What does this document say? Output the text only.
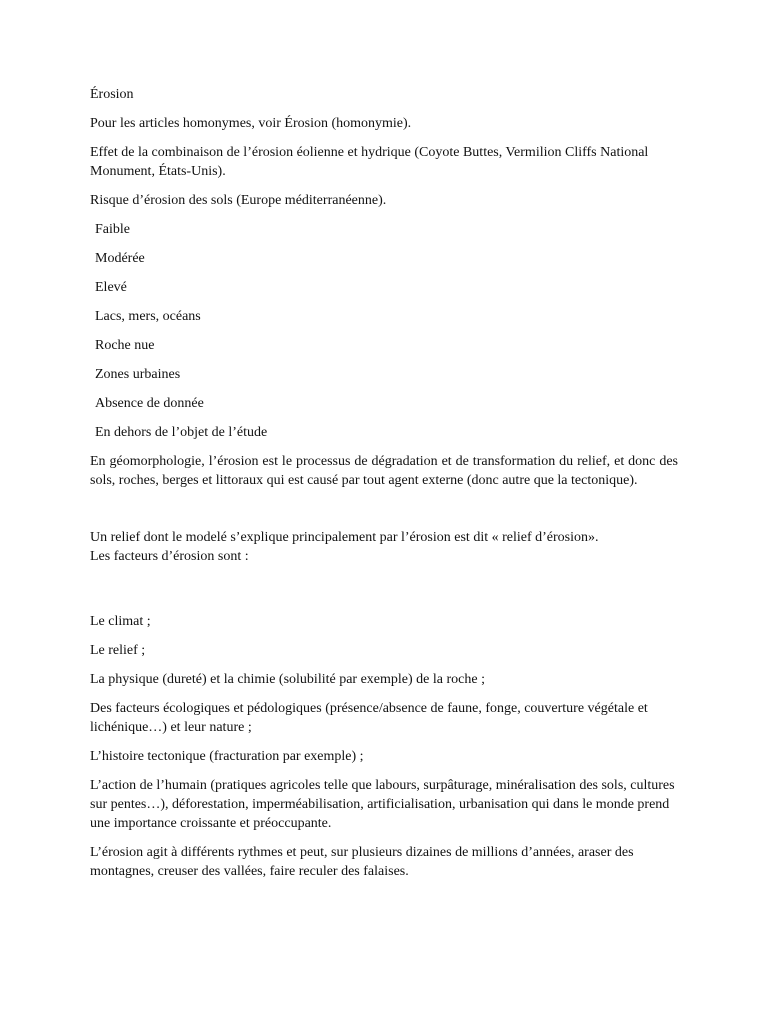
Érosion

Pour les articles homonymes, voir Érosion (homonymie).

Effet de la combinaison de l’érosion éolienne et hydrique (Coyote Buttes, Vermilion Cliffs National Monument, États-Unis).

Risque d’érosion des sols (Europe méditerranéenne).

Faible

Modérée

Elevé

Lacs, mers, océans

Roche nue

Zones urbaines

Absence de donnée

En dehors de l’objet de l’étude

En géomorphologie, l’érosion est le processus de dégradation et de transformation du relief, et donc des sols, roches, berges et littoraux qui est causé par tout agent externe (donc autre que la tectonique).

Un relief dont le modelé s’explique principalement par l’érosion est dit « relief d’érosion».
Les facteurs d’érosion sont :

Le climat ;

Le relief ;

La physique (dureté) et la chimie (solubilité par exemple) de la roche ;

Des facteurs écologiques et pédologiques (présence/absence de faune, fonge, couverture végétale et lichénique…) et leur nature ;

L’histoire tectonique (fracturation par exemple) ;

L’action de l’humain (pratiques agricoles telle que labours, surpâturage, minéralisation des sols, cultures sur pentes…), déforestation, imperméabilisation, artificialisation, urbanisation qui dans le monde prend une importance croissante et préoccupante.

L’érosion agit à différents rythmes et peut, sur plusieurs dizaines de millions d’années, araser des montagnes, creuser des vallées, faire reculer des falaises.
